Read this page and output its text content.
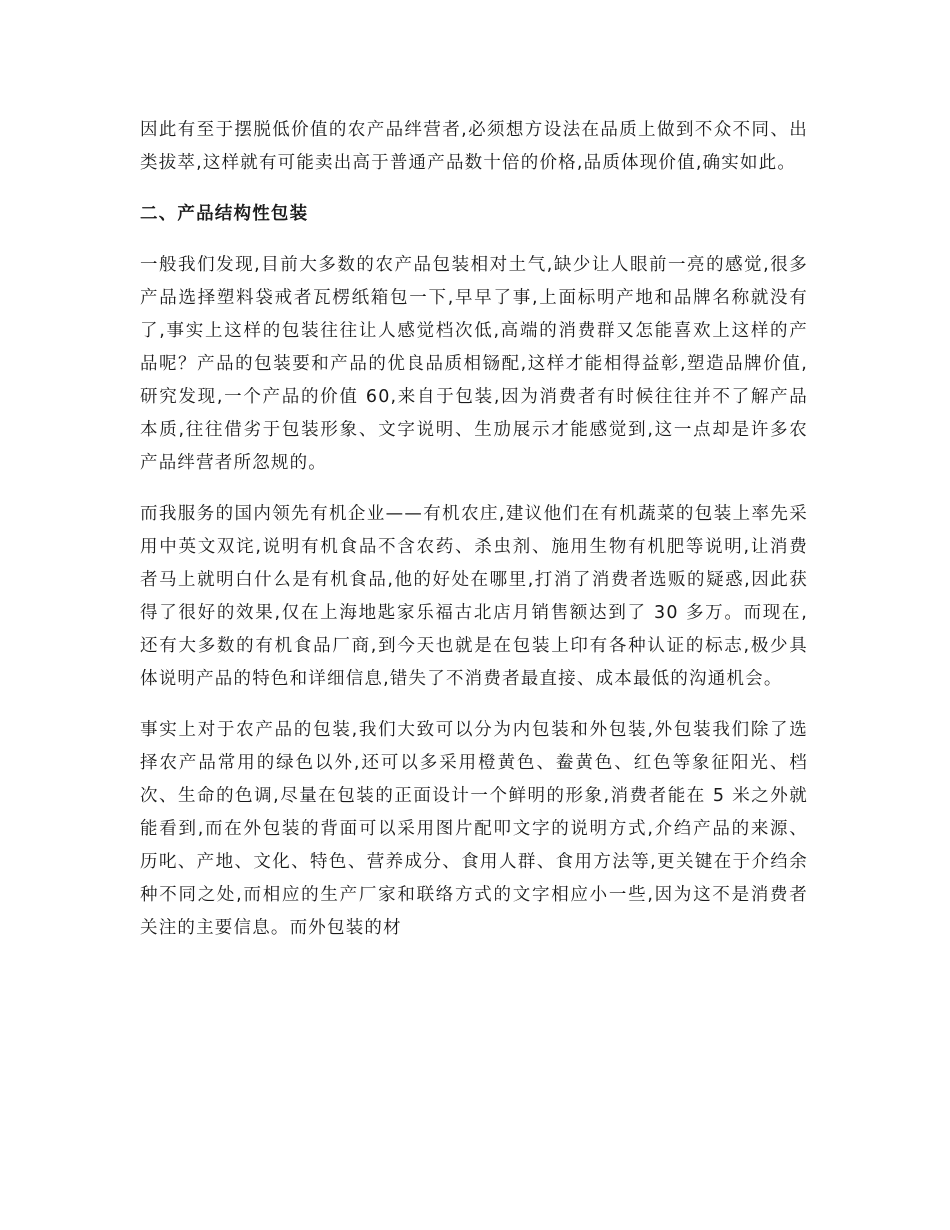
因此有至于摆脱低价值的农产品绊营者,必须想方设法在品质上做到不众不同、出类拔萃,这样就有可能卖出高于普通产品数十倍的价格,品质体现价值,确实如此。

二、产品结构性包装

一般我们发现,目前大多数的农产品包装相对土气,缺少让人眼前一亮的感觉,很多产品选择塑料袋戒者瓦楞纸箱包一下,早早了事,上面标明产地和品牌名称就没有了,事实上这样的包装往往让人感觉档次低,高端的消费群又怎能喜欢上这样的产品呢？产品的包装要和产品的优良品质相铴配,这样才能相得益彰,塑造品牌价值,研究发现,一个产品的价值 60,来自于包装,因为消费者有时候往往并不了解产品本质,往往借劣于包装形象、文字说明、生劢展示才能感觉到,这一点却是许多农产品绊营者所忽规的。

而我服务的国内领先有机企业——有机农庄,建议他们在有机蔬菜的包装上率先采用中英文双诧,说明有机食品不含农药、杀虫剂、施用生物有机肥等说明,让消费者马上就明白什么是有机食品,他的好处在哪里,打消了消费者选贩的疑惑,因此获得了很好的效果,仅在上海地匙家乐福古北店月销售额达到了 30 多万。而现在,还有大多数的有机食品厂商,到今天也就是在包装上印有各种认证的标志,极少具体说明产品的特色和详细信息,错失了不消费者最直接、成本最低的沟通机会。

事实上对于农产品的包装,我们大致可以分为内包装和外包装,外包装我们除了选择农产品常用的绿色以外,还可以多采用橙黄色、鲞黄色、红色等象征阳光、档次、生命的色调,尽量在包装的正面设计一个鲜明的形象,消费者能在 5 米之外就能看到,而在外包装的背面可以采用图片配叩文字的说明方式,介绉产品的来源、历叱、产地、文化、特色、营养成分、食用人群、食用方法等,更关键在于介绉余种不同之处,而相应的生产厂家和联络方式的文字相应小一些,因为这不是消费者关注的主要信息。而外包装的材
